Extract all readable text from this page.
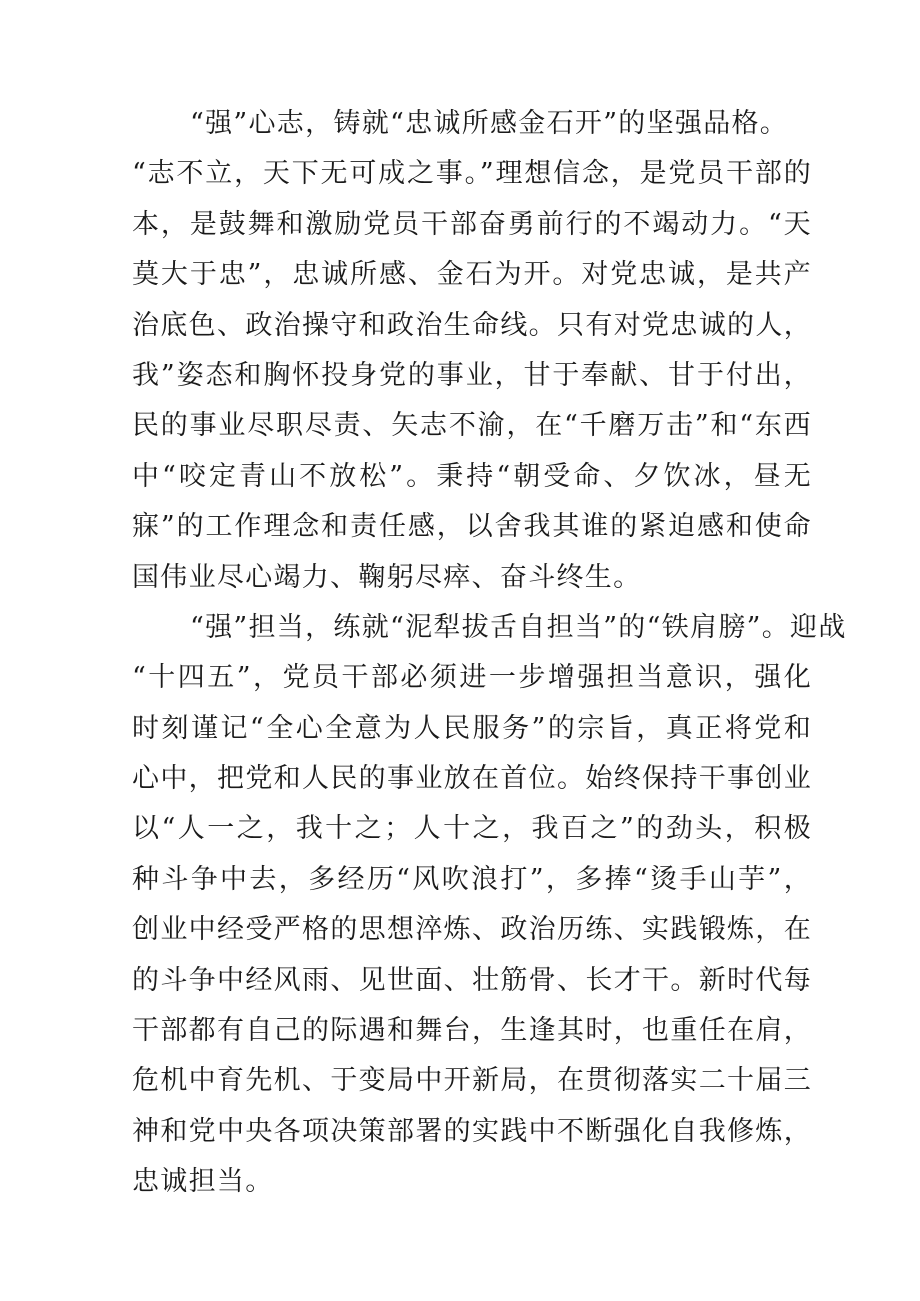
“强”心志，铸就“忠诚所感金石开”的坚强品格。
“志不立，天下无可成之事。”理想信念，是党员干部的
本，是鼓舞和激励党员干部奋勇前行的不竭动力。“天
莫大于忠”，忠诚所感、金石为开。对党忠诚，是共产
治底色、政治操守和政治生命线。只有对党忠诚的人，
我”姿态和胸怀投身党的事业，甘于奉献、甘于付出，
民的事业尽职尽责、矢志不渝，在“千磨万击”和“东西
中“咬定青山不放松”。秉持“朝受命、夕饮冰，昼无
寐”的工作理念和责任感，以舍我其谁的紧迫感和使命
国伟业尽心竭力、鞠躬尽瘁、奋斗终生。
“强”担当，练就“泥犁拔舌自担当”的“铁肩膀”。迎战
“十四五”，党员干部必须进一步增强担当意识，强化
时刻谨记“全心全意为人民服务”的宗旨，真正将党和
心中，把党和人民的事业放在首位。始终保持干事创业
以“人一之，我十之；人十之，我百之”的劲头，积极
种斗争中去，多经历“风吹浪打”，多捧“烫手山芋”，
创业中经受严格的思想淬炼、政治历练、实践锻炼，在
的斗争中经风雨、见世面、壮筋骨、长才干。新时代每
干部都有自己的际遇和舞台，生逢其时，也重任在肩，
危机中育先机、于变局中开新局，在贯彻落实二十届三
神和党中央各项决策部署的实践中不断强化自我修炼，
忠诚担当。
